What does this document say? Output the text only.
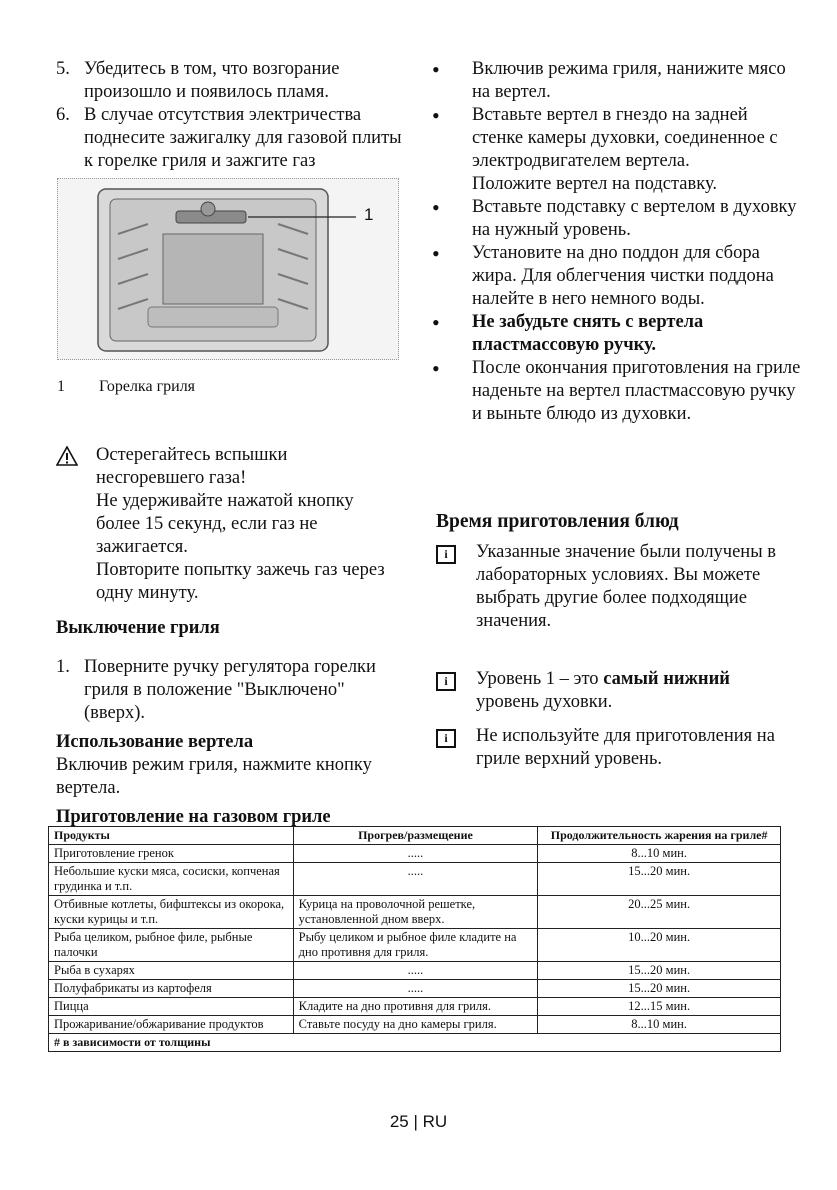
5. Убедитесь в том, что возгорание произошло и появилось пламя.
6. В случае отсутствия электричества поднесите зажигалку для газовой плиты к горелке гриля и зажгите газ
1
1 Горелка гриля
Остерегайтесь вспышки несгоревшего газа!
Не удерживайте нажатой кнопку более 15 секунд, если газ не зажигается.
Повторите попытку зажечь газ через одну минуту.
Выключение гриля
1. Поверните ручку регулятора горелки гриля в положение "Выключено" (вверх).
Использование вертела
Включив режим гриля, нажмите кнопку вертела.
•	Включив режима гриля, нанижите мясо на вертел.
•	Вставьте вертел в гнездо на задней стенке камеры духовки, соединенное с электродвигателем вертела.
Положите вертел на подставку.
•	Вставьте подставку с вертелом в духовку на нужный уровень.
•	Установите на дно поддон для сбора жира. Для облегчения чистки поддона налейте в него немного воды.
•	Не забудьте снять с вертела пластмассовую ручку.
•	После окончания приготовления на гриле наденьте на вертел пластмассовую ручку и выньте блюдо из духовки.
Время приготовления блюд
i	Указанные значение были получены в лабораторных условиях. Вы можете выбрать другие более подходящие значения.
i	Уровень 1 – это самый нижний уровень духовки.
i	Не используйте для приготовления на гриле верхний уровень.
Приготовление на газовом гриле
Продукты	Прогрев/размещение	Продолжительность жарения на гриле#
Приготовление гренок	.....	8...10 мин.
Небольшие куски мяса, сосиски, копченая грудинка и т.п.	.....	15...20 мин.
Отбивные котлеты, бифштексы из окорока, куски курицы и т.п.	Курица на проволочной решетке, установленной дном вверх.	20...25 мин.
Рыба целиком, рыбное филе, рыбные палочки	Рыбу целиком и рыбное филе кладите на дно противня для гриля.	10...20 мин.
Рыба в сухарях	.....	15...20 мин.
Полуфабрикаты из картофеля	.....	15...20 мин.
Пицца	Кладите на дно противня для гриля.	12...15 мин.
Прожаривание/обжаривание продуктов	Ставьте посуду на дно камеры гриля.	8...10 мин.
# в зависимости от толщины		
25 | RU
